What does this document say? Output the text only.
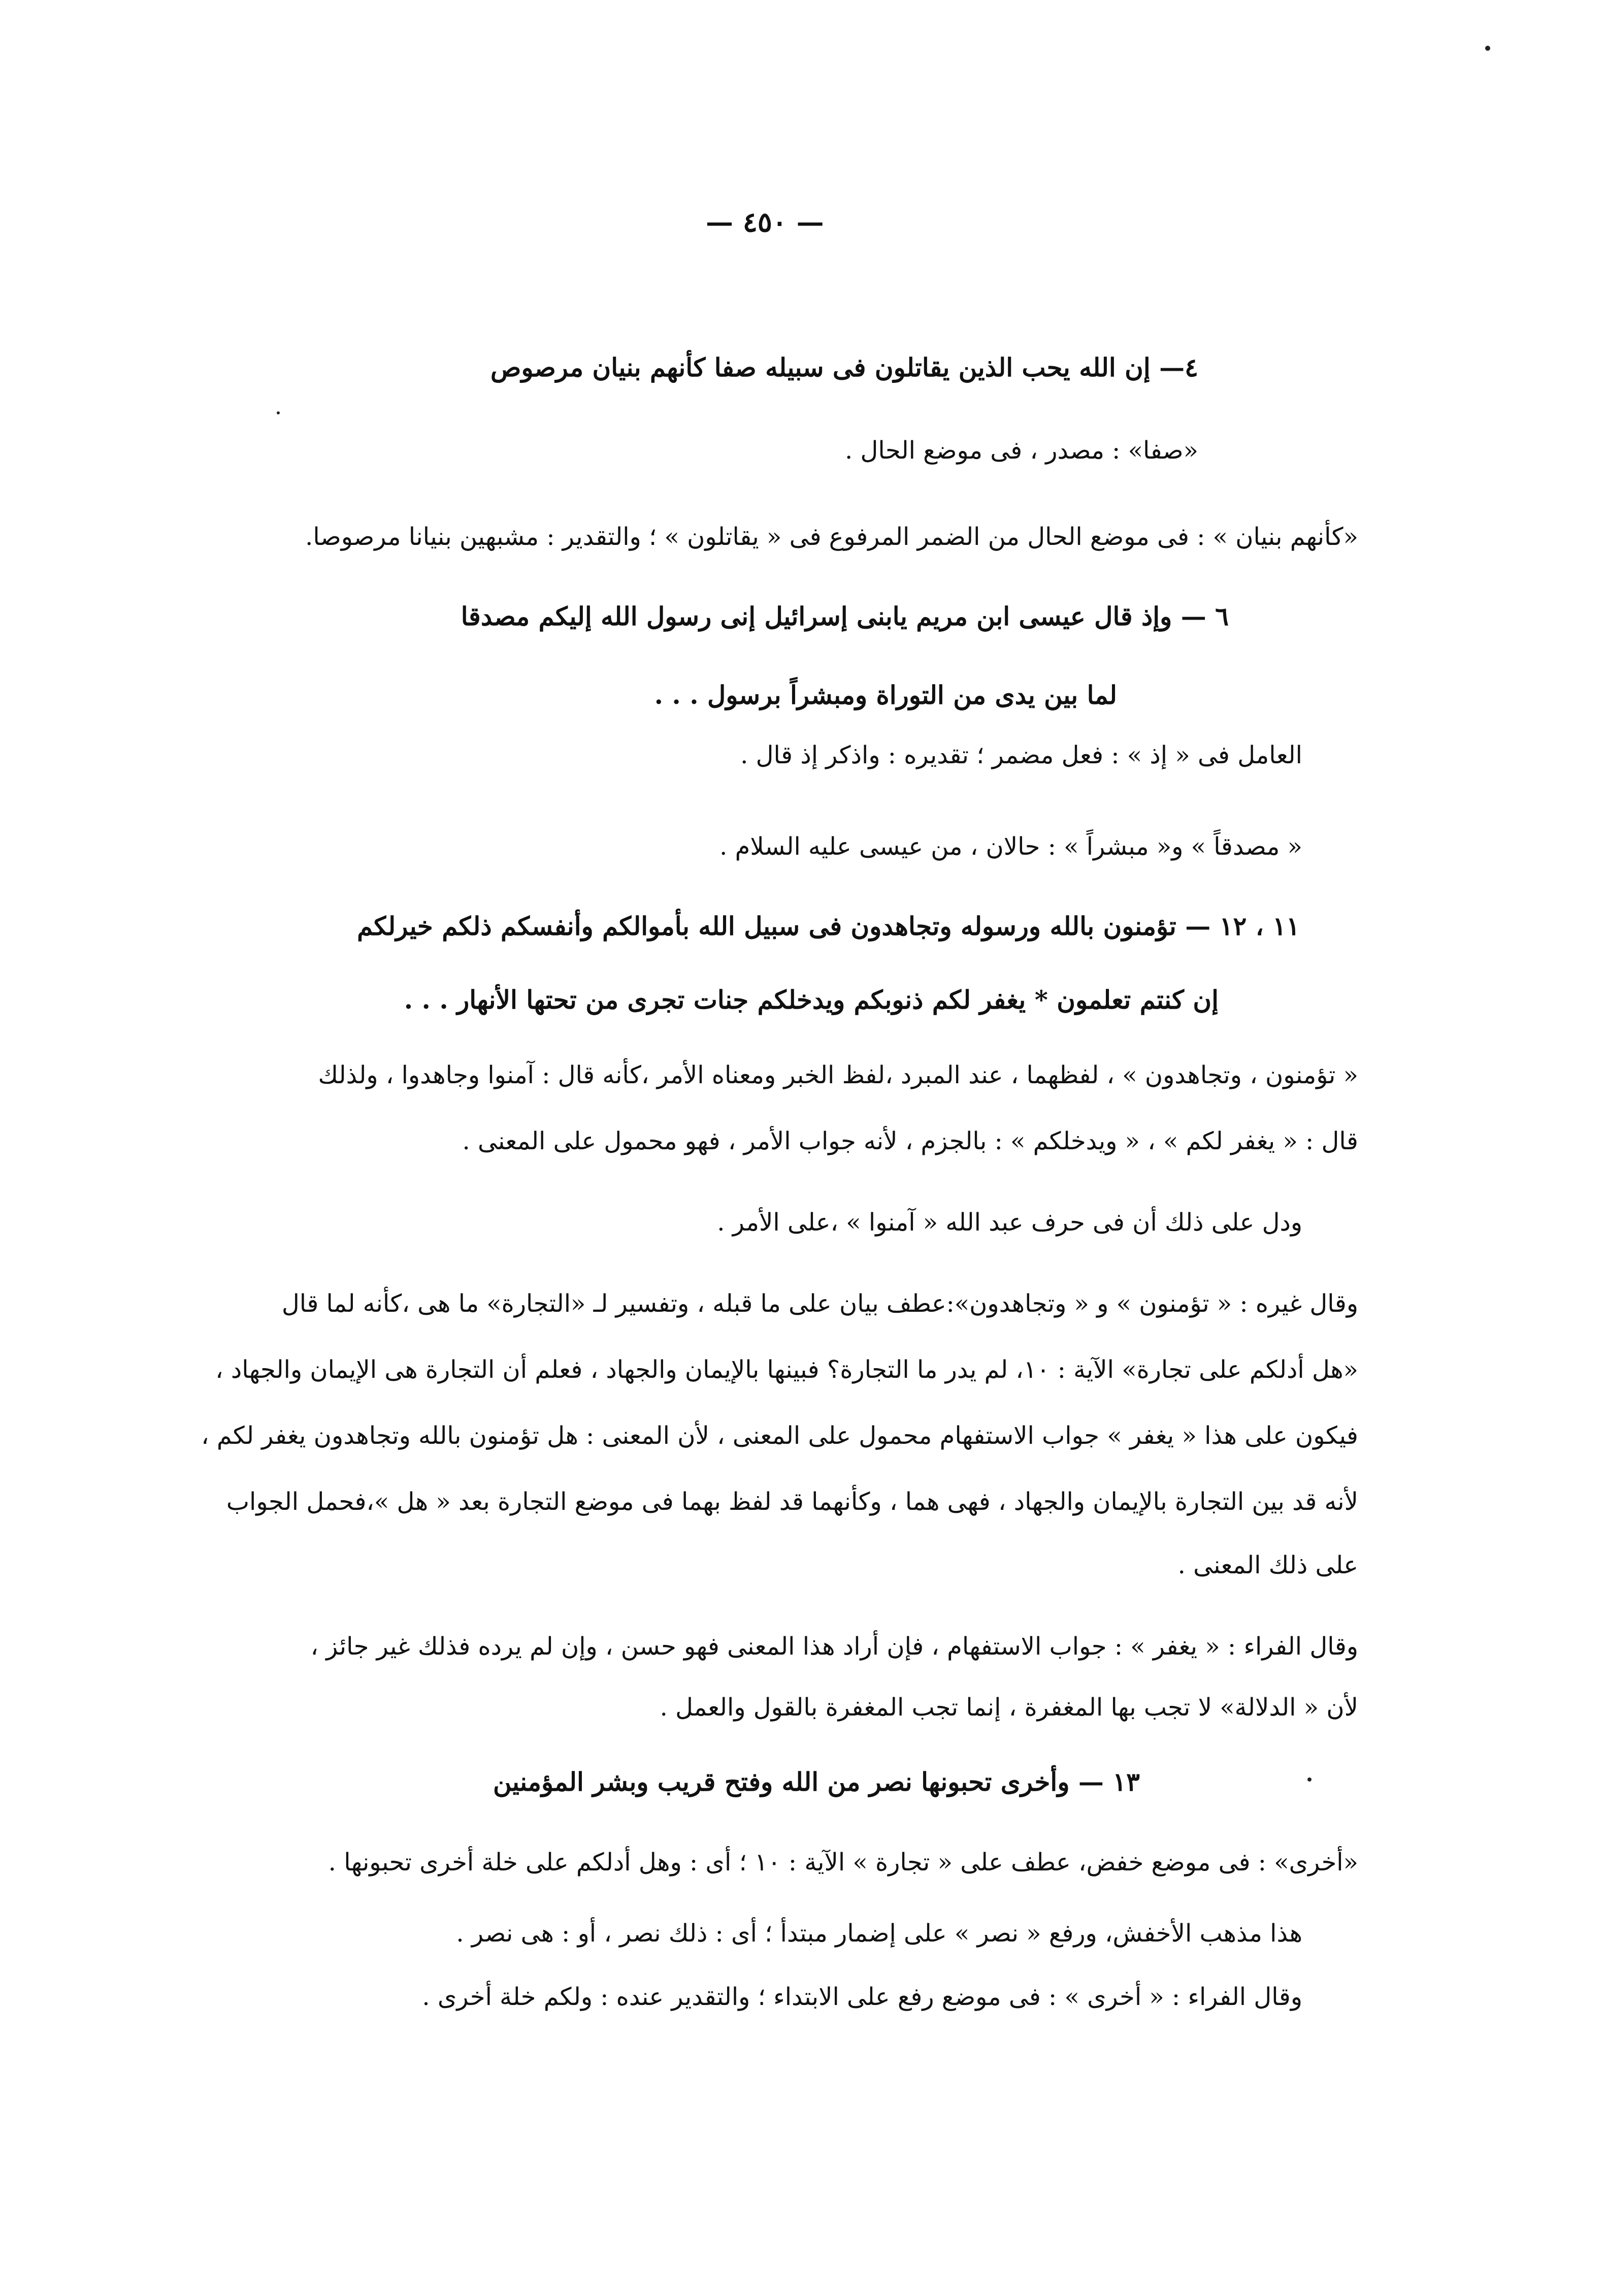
— ٤٥٠ —
٤— إن الله يحب الذين يقاتلون فى سبيله صفا كأنهم بنيان مرصوص
«صفا» : مصدر ، فى موضع الحال .
«كأنهم بنيان » : فى موضع الحال من الضمر المرفوع فى « يقاتلون » ؛ والتقدير : مشبهين بنيانا مرصوصا.
٦ — وإذ قال عيسى ابن مريم يابنى إسرائيل إنى رسول الله إليكم مصدقا
لما بين يدى من التوراة ومبشراً برسول . . .
العامل فى « إذ » : فعل مضمر ؛ تقديره : واذكر إذ قال .
« مصدقاً » و« مبشراً » : حالان ، من عيسى عليه السلام .
١١ ، ١٢ — تؤمنون بالله ورسوله وتجاهدون فى سبيل الله بأموالكم وأنفسكم ذلكم خيرلكم
إن كنتم تعلمون * يغفر لكم ذنوبكم ويدخلكم جنات تجرى من تحتها الأنهار . . .
« تؤمنون ، وتجاهدون » ، لفظهما ، عند المبرد ،لفظ الخبر ومعناه الأمر ،كأنه قال : آمنوا وجاهدوا ، ولذلك
قال : « يغفر لكم » ، « ويدخلكم » : بالجزم ، لأنه جواب الأمر ، فهو محمول على المعنى .
ودل على ذلك أن فى حرف عبد الله « آمنوا » ،على الأمر .
وقال غيره : « تؤمنون » و « وتجاهدون»:عطف بيان على ما قبله ، وتفسير لـ «التجارة» ما هى ،كأنه لما قال
«هل أدلكم على تجارة» الآية : ١٠، لم يدر ما التجارة؟ فبينها بالإيمان والجهاد ، فعلم أن التجارة هى الإيمان والجهاد ،
فيكون على هذا « يغفر » جواب الاستفهام محمول على المعنى ، لأن المعنى : هل تؤمنون بالله وتجاهدون يغفر لكم ،
لأنه قد بين التجارة بالإيمان والجهاد ، فهى هما ، وكأنهما قد لفظ بهما فى موضع التجارة بعد « هل »،فحمل الجواب
على ذلك المعنى .
وقال الفراء : « يغفر » : جواب الاستفهام ، فإن أراد هذا المعنى فهو حسن ، وإن لم يرده فذلك غير جائز ،
لأن « الدلالة» لا تجب بها المغفرة ، إنما تجب المغفرة بالقول والعمل .
١٣ — وأخرى تحبونها نصر من الله وفتح قريب وبشر المؤمنين
«أخرى» : فى موضع خفض، عطف على « تجارة » الآية : ١٠ ؛ أى : وهل أدلكم على خلة أخرى تحبونها .
هذا مذهب الأخفش، ورفع « نصر » على إضمار مبتدأ ؛ أى : ذلك نصر ، أو : هى نصر .
وقال الفراء : « أخرى » : فى موضع رفع على الابتداء ؛ والتقدير عنده : ولكم خلة أخرى .
